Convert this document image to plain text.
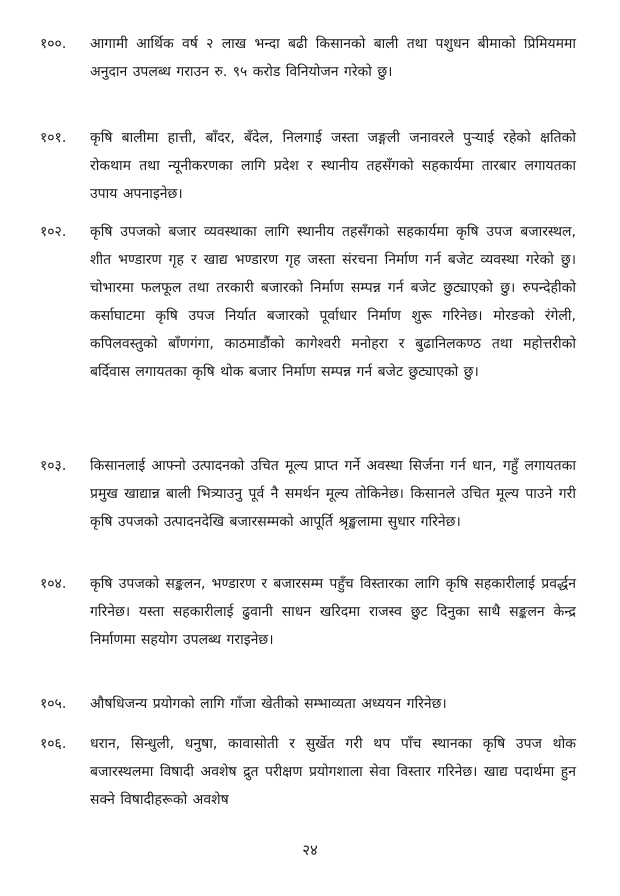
१००.	आगामी आर्थिक वर्ष २ लाख भन्दा बढी किसानको बाली तथा पशुधन बीमाको प्रिमियममा अनुदान उपलब्ध गराउन रु. ९५ करोड विनियोजन गरेको छु।
१०१.	कृषि बालीमा हात्ती, बाँदर, बँदेल, निलगाई जस्ता जङ्गली जनावरले पुऱ्याई रहेको क्षतिको रोकथाम तथा न्यूनीकरणका लागि प्रदेश र स्थानीय तहसँगको सहकार्यमा तारबार लगायतका उपाय अपनाइनेछ।
१०२.	कृषि उपजको बजार व्यवस्थाका लागि स्थानीय तहसँगको सहकार्यमा कृषि उपज बजारस्थल, शीत भण्डारण गृह र खाद्य भण्डारण गृह जस्ता संरचना निर्माण गर्न बजेट व्यवस्था गरेको छु। चोभारमा फलफूल तथा तरकारी बजारको निर्माण सम्पन्न गर्न बजेट छुट्याएको छु। रुपन्देहीको कर्साघाटमा कृषि उपज निर्यात बजारको पूर्वाधार निर्माण शुरू गरिनेछ। मोरङको रंगेली, कपिलवस्तुको बाँणगंगा, काठमाडौंको कागेश्वरी मनोहरा र बुढानिलकण्ठ तथा महोत्तरीको बर्दिवास लगायतका कृषि थोक बजार निर्माण सम्पन्न गर्न बजेट छुट्याएको छु।
१०३.	किसानलाई आफ्नो उत्पादनको उचित मूल्य प्राप्त गर्ने अवस्था सिर्जना गर्न धान, गहुँ लगायतका प्रमुख खाद्यान्न बाली भित्र्याउनु पूर्व नै समर्थन मूल्य तोकिनेछ। किसानले उचित मूल्य पाउने गरी कृषि उपजको उत्पादनदेखि बजारसम्मको आपूर्ति श्रृङ्खलामा सुधार गरिनेछ।
१०४.	कृषि उपजको सङ्कलन, भण्डारण र बजारसम्म पहुँच विस्तारका लागि कृषि सहकारीलाई प्रवर्द्धन गरिनेछ। यस्ता सहकारीलाई ढुवानी साधन खरिदमा राजस्व छुट दिनुका साथै सङ्कलन केन्द्र निर्माणमा सहयोग उपलब्ध गराइनेछ।
१०५.	औषधिजन्य प्रयोगको लागि गाँजा खेतीको सम्भाव्यता अध्ययन गरिनेछ।
१०६.	धरान, सिन्धुली, धनुषा, कावासोती र सुर्खेत गरी थप पाँच स्थानका कृषि उपज थोक बजारस्थलमा विषादी अवशेष द्रुत परीक्षण प्रयोगशाला सेवा विस्तार गरिनेछ। खाद्य पदार्थमा हुन सक्ने विषादीहरूको अवशेष
२४
